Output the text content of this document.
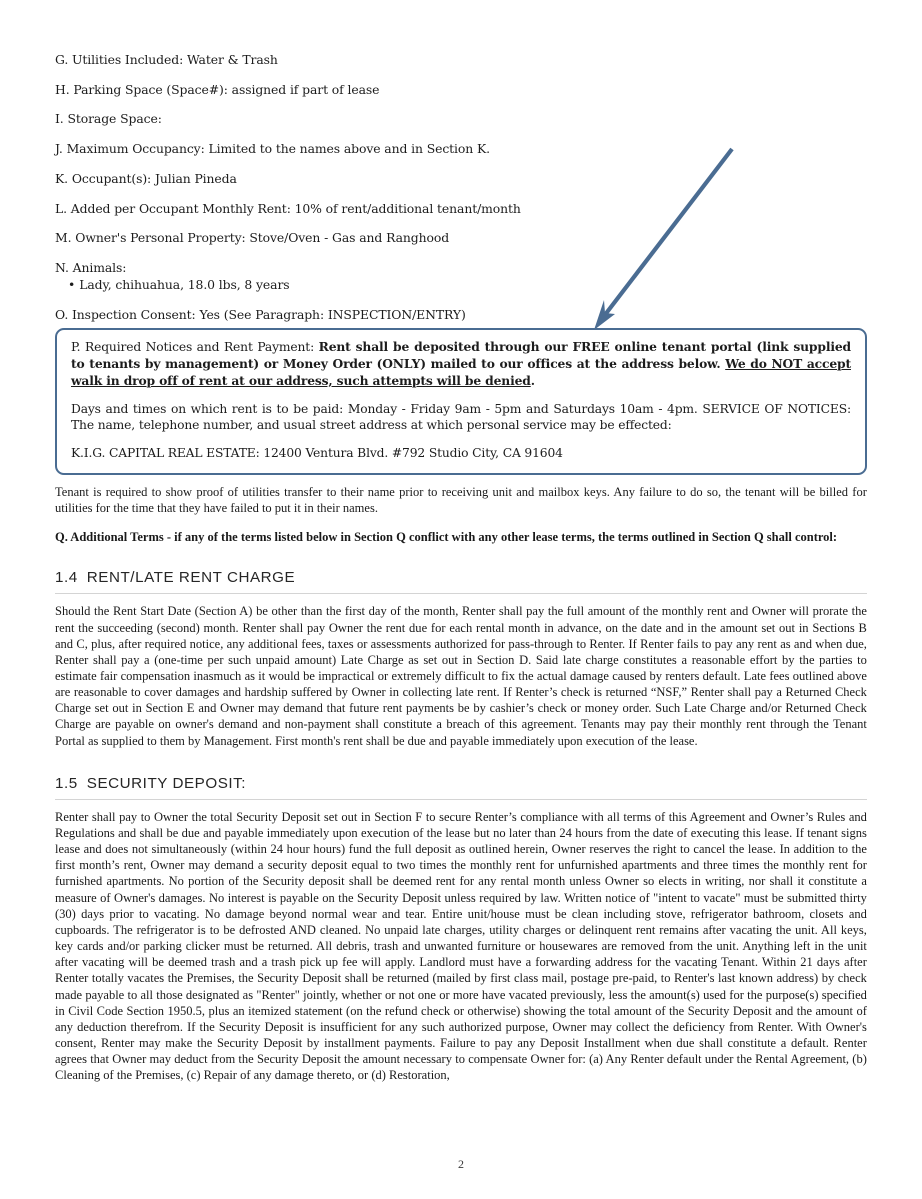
G. Utilities Included: Water & Trash

H. Parking Space (Space#): assigned if part of lease

I. Storage Space:

J. Maximum Occupancy: Limited to the names above and in Section K.

K. Occupant(s): Julian Pineda

L. Added per Occupant Monthly Rent: 10% of rent/additional tenant/month

M. Owner's Personal Property: Stove/Oven - Gas and Ranghood

N. Animals:

• Lady, chihuahua, 18.0 lbs, 8 years

O. Inspection Consent: Yes (See Paragraph: INSPECTION/ENTRY)

P. Required Notices and Rent Payment: Rent shall be deposited through our FREE online tenant portal (link supplied to tenants by management) or Money Order (ONLY) mailed to our offices at the address below. We do NOT accept walk in drop off of rent at our address, such attempts will be denied.

Days and times on which rent is to be paid: Monday - Friday 9am - 5pm and Saturdays 10am - 4pm. SERVICE OF NOTICES: The name, telephone number, and usual street address at which personal service may be effected:

K.I.G. CAPITAL REAL ESTATE: 12400 Ventura Blvd. #792 Studio City, CA 91604

Tenant is required to show proof of utilities transfer to their name prior to receiving unit and mailbox keys. Any failure to do so, the tenant will be billed for utilities for the time that they have failed to put it in their names.

Q. Additional Terms - if any of the terms listed below in Section Q conflict with any other lease terms, the terms outlined in Section Q shall control:

1.4 RENT/LATE RENT CHARGE

Should the Rent Start Date (Section A) be other than the first day of the month, Renter shall pay the full amount of the monthly rent and Owner will prorate the rent the succeeding (second) month. Renter shall pay Owner the rent due for each rental month in advance, on the date and in the amount set out in Sections B and C, plus, after required notice, any additional fees, taxes or assessments authorized for pass-through to Renter. If Renter fails to pay any rent as and when due, Renter shall pay a (one-time per such unpaid amount) Late Charge as set out in Section D. Said late charge constitutes a reasonable effort by the parties to estimate fair compensation inasmuch as it would be impractical or extremely difficult to fix the actual damage caused by renters default. Late fees outlined above are reasonable to cover damages and hardship suffered by Owner in collecting late rent. If Renter’s check is returned “NSF,” Renter shall pay a Returned Check Charge set out in Section E and Owner may demand that future rent payments be by cashier’s check or money order. Such Late Charge and/or Returned Check Charge are payable on owner's demand and non-payment shall constitute a breach of this agreement. Tenants may pay their monthly rent through the Tenant Portal as supplied to them by Management. First month's rent shall be due and payable immediately upon execution of the lease.

1.5 SECURITY DEPOSIT:

Renter shall pay to Owner the total Security Deposit set out in Section F to secure Renter’s compliance with all terms of this Agreement and Owner’s Rules and Regulations and shall be due and payable immediately upon execution of the lease but no later than 24 hours from the date of executing this lease. If tenant signs lease and does not simultaneously (within 24 hour hours) fund the full deposit as outlined herein, Owner reserves the right to cancel the lease. In addition to the first month’s rent, Owner may demand a security deposit equal to two times the monthly rent for unfurnished apartments and three times the monthly rent for furnished apartments. No portion of the Security deposit shall be deemed rent for any rental month unless Owner so elects in writing, nor shall it constitute a measure of Owner's damages. No interest is payable on the Security Deposit unless required by law. Written notice of "intent to vacate" must be submitted thirty (30) days prior to vacating. No damage beyond normal wear and tear. Entire unit/house must be clean including stove, refrigerator bathroom, closets and cupboards. The refrigerator is to be defrosted AND cleaned. No unpaid late charges, utility charges or delinquent rent remains after vacating the unit. All keys, key cards and/or parking clicker must be returned. All debris, trash and unwanted furniture or housewares are removed from the unit. Anything left in the unit after vacating will be deemed trash and a trash pick up fee will apply. Landlord must have a forwarding address for the vacating Tenant. Within 21 days after Renter totally vacates the Premises, the Security Deposit shall be returned (mailed by first class mail, postage pre-paid, to Renter's last known address) by check made payable to all those designated as "Renter" jointly, whether or not one or more have vacated previously, less the amount(s) used for the purpose(s) specified in Civil Code Section 1950.5, plus an itemized statement (on the refund check or otherwise) showing the total amount of the Security Deposit and the amount of any deduction therefrom. If the Security Deposit is insufficient for any such authorized purpose, Owner may collect the deficiency from Renter. With Owner's consent, Renter may make the Security Deposit by installment payments. Failure to pay any Deposit Installment when due shall constitute a default. Renter agrees that Owner may deduct from the Security Deposit the amount necessary to compensate Owner for: (a) Any Renter default under the Rental Agreement, (b) Cleaning of the Premises, (c) Repair of any damage thereto, or (d) Restoration,

2
